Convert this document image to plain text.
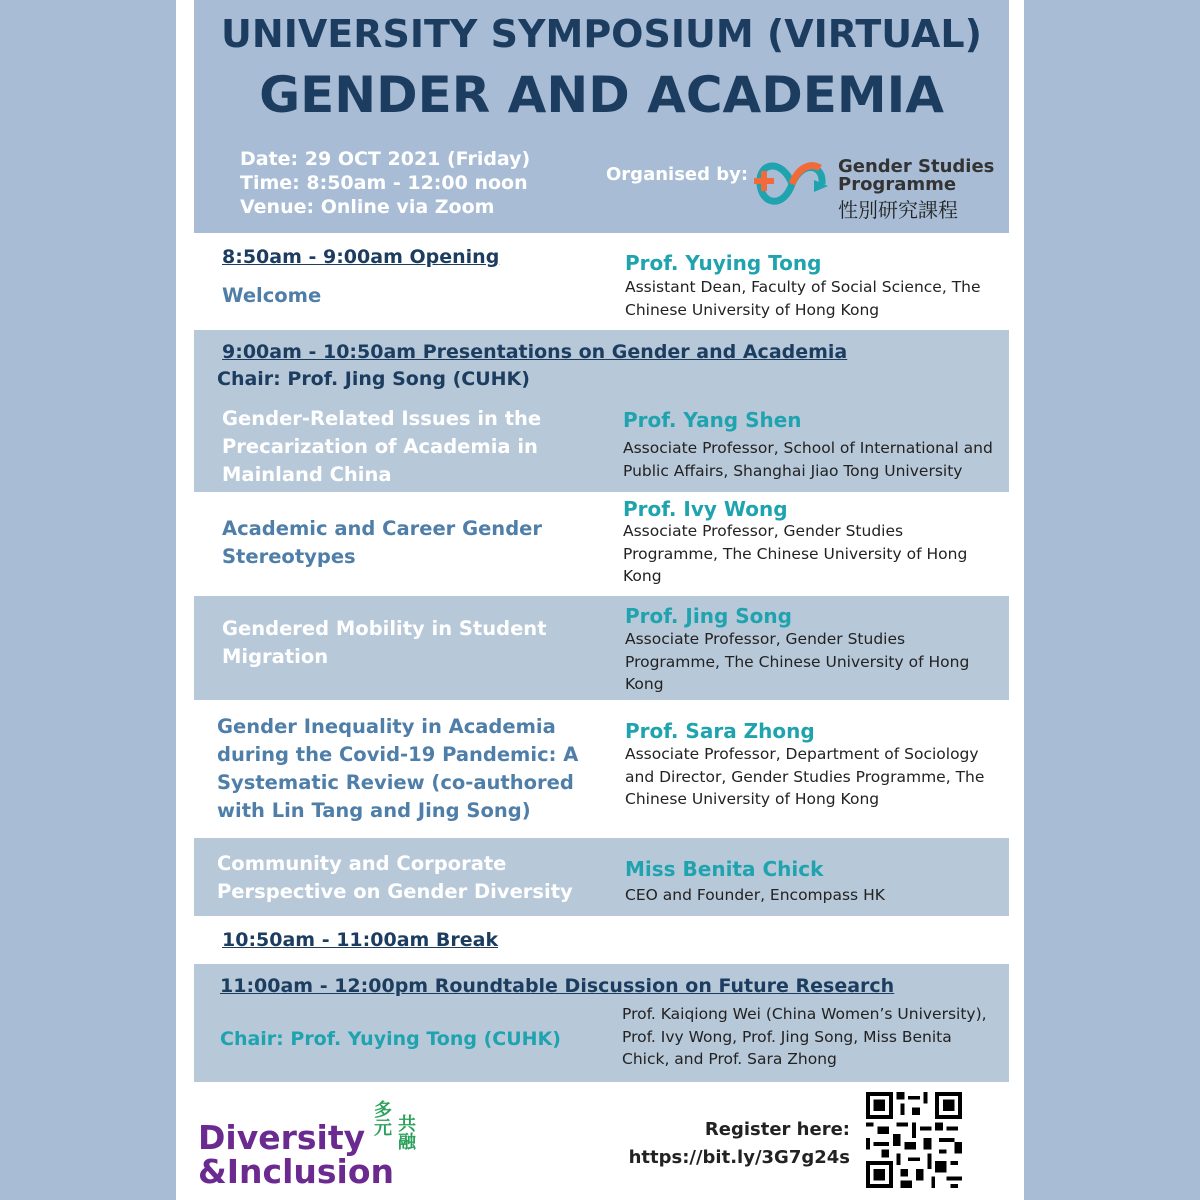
UNIVERSITY SYMPOSIUM (VIRTUAL)
GENDER AND ACADEMIA
Date: 29 OCT 2021 (Friday)
Time: 8:50am - 12:00 noon
Venue: Online via Zoom
Organised by:	Gender Studies
Programme
性別研究課程
8:50am - 9:00am Opening
Welcome
Prof. Yuying Tong
Assistant Dean, Faculty of Social Science, The Chinese University of Hong Kong
9:00am - 10:50am Presentations on Gender and Academia
Chair: Prof. Jing Song (CUHK)
Gender-Related Issues in the Precarization of Academia in Mainland China
Prof. Yang Shen
Associate Professor, School of International and Public Affairs, Shanghai Jiao Tong University
Academic and Career Gender Stereotypes
Prof. Ivy Wong
Associate Professor, Gender Studies Programme, The Chinese University of Hong Kong
Gendered Mobility in Student Migration
Prof. Jing Song
Associate Professor, Gender Studies Programme, The Chinese University of Hong Kong
Gender Inequality in Academia during the Covid-19 Pandemic: A Systematic Review (co-authored with Lin Tang and Jing Song)
Prof. Sara Zhong
Associate Professor, Department of Sociology and Director, Gender Studies Programme, The Chinese University of Hong Kong
Community and Corporate Perspective on Gender Diversity
Miss Benita Chick
CEO and Founder, Encompass HK
10:50am - 11:00am Break
11:00am - 12:00pm Roundtable Discussion on Future Research
Chair: Prof. Yuying Tong (CUHK)
Prof. Kaiqiong Wei (China Women’s University), Prof. Ivy Wong, Prof. Jing Song, Miss Benita Chick, and Prof. Sara Zhong
Diversity
&Inclusion
多元 共融	Register here:
https://bit.ly/3G7g24s
